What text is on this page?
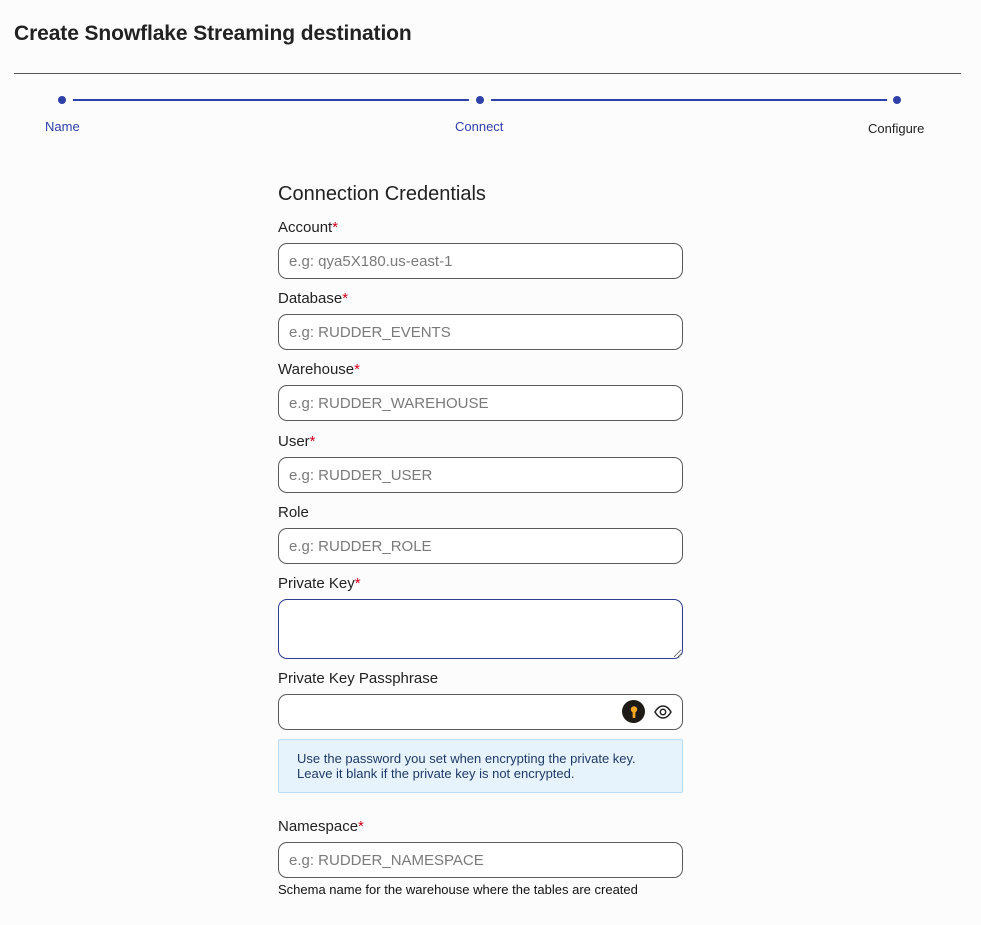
Create Snowflake Streaming destination
Name	Connect	Configure
Connection Credentials
Account*
e.g: qya5X180.us-east-1
Database*
e.g: RUDDER_EVENTS
Warehouse*
e.g: RUDDER_WAREHOUSE
User*
e.g: RUDDER_USER
Role
e.g: RUDDER_ROLE
Private Key*
Private Key Passphrase
Use the password you set when encrypting the private key.
Leave it blank if the private key is not encrypted.
Namespace*
e.g: RUDDER_NAMESPACE
Schema name for the warehouse where the tables are created
